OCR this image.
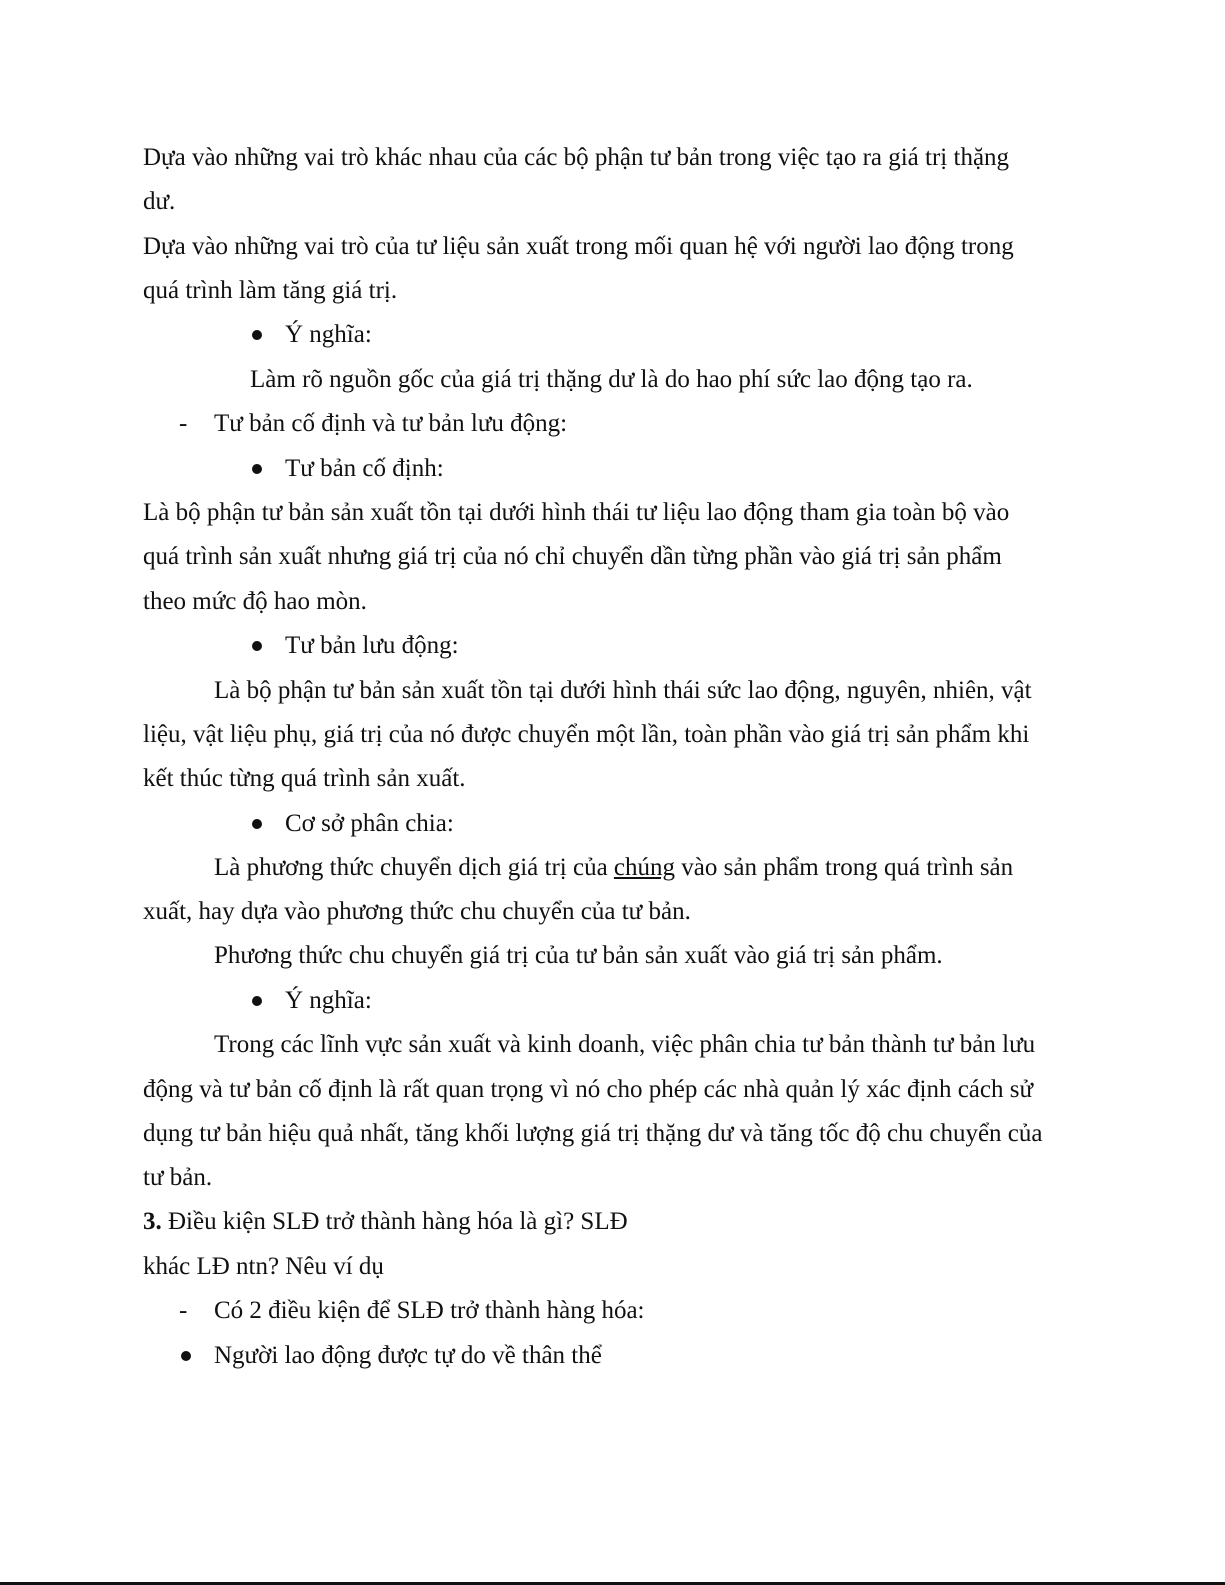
Dựa vào những vai trò khác nhau của các bộ phận tư bản trong việc tạo ra giá trị thặng

dư.

Dựa vào những vai trò của tư liệu sản xuất trong mối quan hệ với người lao động trong

quá trình làm tăng giá trị.

Ý nghĩa:

Làm rõ nguồn gốc của giá trị thặng dư là do hao phí sức lao động tạo ra.

- Tư bản cố định và tư bản lưu động:

Tư bản cố định:

Là bộ phận tư bản sản xuất tồn tại dưới hình thái tư liệu lao động tham gia toàn bộ vào

quá trình sản xuất nhưng giá trị của nó chỉ chuyển dần từng phần vào giá trị sản phẩm

theo mức độ hao mòn.

Tư bản lưu động:

Là bộ phận tư bản sản xuất tồn tại dưới hình thái sức lao động, nguyên, nhiên, vật

liệu, vật liệu phụ, giá trị của nó được chuyển một lần, toàn phần vào giá trị sản phẩm khi

kết thúc từng quá trình sản xuất.

Cơ sở phân chia:

Là phương thức chuyển dịch giá trị của chúng vào sản phẩm trong quá trình sản

xuất, hay dựa vào phương thức chu chuyển của tư bản.

Phương thức chu chuyển giá trị của tư bản sản xuất vào giá trị sản phẩm.

Ý nghĩa:

Trong các lĩnh vực sản xuất và kinh doanh, việc phân chia tư bản thành tư bản lưu

động và tư bản cố định là rất quan trọng vì nó cho phép các nhà quản lý xác định cách sử

dụng tư bản hiệu quả nhất, tăng khối lượng giá trị thặng dư và tăng tốc độ chu chuyển của

tư bản.

3. Điều kiện SLĐ trở thành hàng hóa là gì? SLĐ

khác LĐ ntn? Nêu ví dụ

- Có 2 điều kiện để SLĐ trở thành hàng hóa:

Người lao động được tự do về thân thể
